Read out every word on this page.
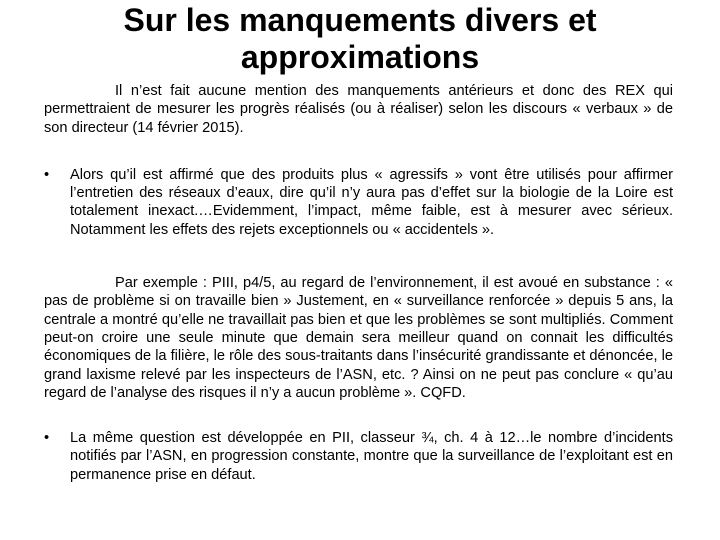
Sur les manquements divers et approximations

Il n’est fait aucune mention des manquements antérieurs et donc des REX qui permettraient de mesurer les progrès réalisés (ou à réaliser) selon les discours « verbaux » de son directeur (14 février 2015).

• Alors qu’il est affirmé que des produits plus « agressifs » vont être utilisés pour affirmer l’entretien des réseaux d’eaux, dire qu’il n’y aura pas d’effet sur la biologie de la Loire est totalement inexact.…Evidemment, l’impact, même faible, est à mesurer avec sérieux. Notamment les effets des rejets exceptionnels ou « accidentels ».

Par exemple : PIII, p4/5, au regard de l’environnement, il est avoué en substance : « pas de problème si on travaille bien » Justement, en « surveillance renforcée » depuis 5 ans, la centrale a montré qu’elle ne travaillait pas bien et que les problèmes se sont multipliés. Comment peut-on croire une seule minute que demain sera meilleur quand on connait les difficultés économiques de la filière, le rôle des sous-traitants dans l’insécurité grandissante et dénoncée, le grand laxisme relevé par les inspecteurs de l’ASN, etc. ? Ainsi on ne peut pas conclure « qu’au regard de l’analyse des risques il n’y a aucun problème ». CQFD.

• La même question est développée en PII, classeur ¾, ch. 4 à 12…le nombre d’incidents notifiés par l’ASN, en progression constante, montre que la surveillance de l’exploitant est en permanence prise en défaut.
